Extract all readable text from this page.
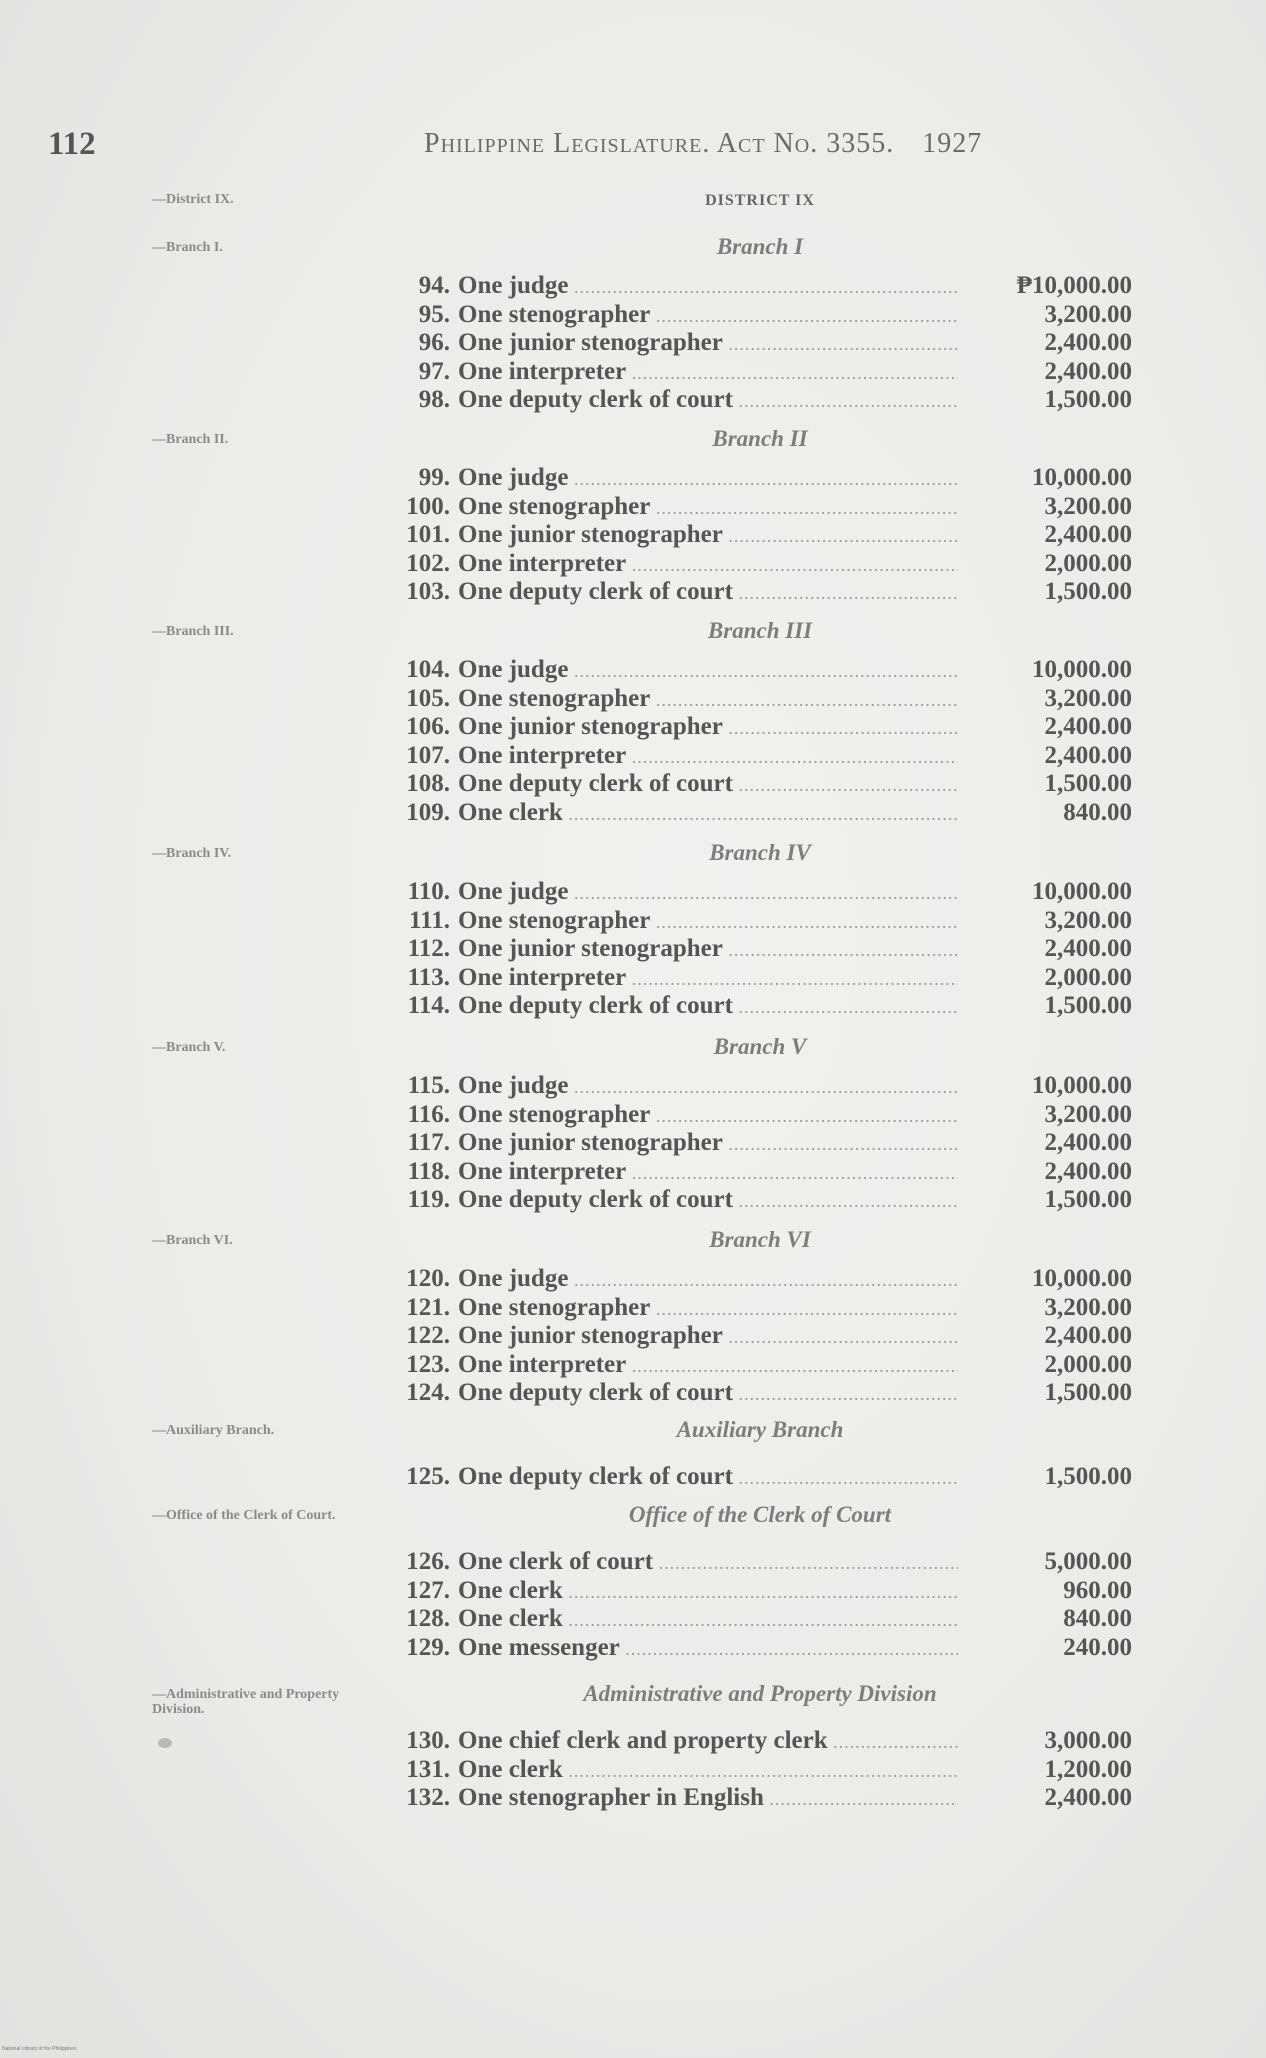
112	Philippine Legislature. Act No. 3355. 1927
—District IX.	DISTRICT IX
—Branch I.	Branch I
94. One judge .....	₱10,000.00
95. One stenographer .....	3,200.00
96. One junior stenographer .....	2,400.00
97. One interpreter .....	2,400.00
98. One deputy clerk of court .....	1,500.00
—Branch II.	Branch II
99. One judge .....	10,000.00
100. One stenographer .....	3,200.00
101. One junior stenographer .....	2,400.00
102. One interpreter .....	2,000.00
103. One deputy clerk of court .....	1,500.00
—Branch III.	Branch III
104. One judge .....	10,000.00
105. One stenographer .....	3,200.00
106. One junior stenographer .....	2,400.00
107. One interpreter .....	2,400.00
108. One deputy clerk of court .....	1,500.00
109. One clerk .....	840.00
—Branch IV.	Branch IV
110. One judge .....	10,000.00
111. One stenographer .....	3,200.00
112. One junior stenographer .....	2,400.00
113. One interpreter .....	2,000.00
114. One deputy clerk of court .....	1,500.00
—Branch V.	Branch V
115. One judge .....	10,000.00
116. One stenographer .....	3,200.00
117. One junior stenographer .....	2,400.00
118. One interpreter .....	2,400.00
119. One deputy clerk of court .....	1,500.00
—Branch VI.	Branch VI
120. One judge .....	10,000.00
121. One stenographer .....	3,200.00
122. One junior stenographer .....	2,400.00
123. One interpreter .....	2,000.00
124. One deputy clerk of court .....	1,500.00
—Auxiliary Branch.	Auxiliary Branch
125. One deputy clerk of court .....	1,500.00
—Office of the Clerk of Court.	Office of the Clerk of Court
126. One clerk of court .....	5,000.00
127. One clerk .....	960.00
128. One clerk .....	840.00
129. One messenger .....	240.00
—Administrative and Property Division.
Administrative and Property Division
130. One chief clerk and property clerk .....	3,000.00
131. One clerk .....	1,200.00
132. One stenographer in English .....	2,400.00
National Library of the Philippines
